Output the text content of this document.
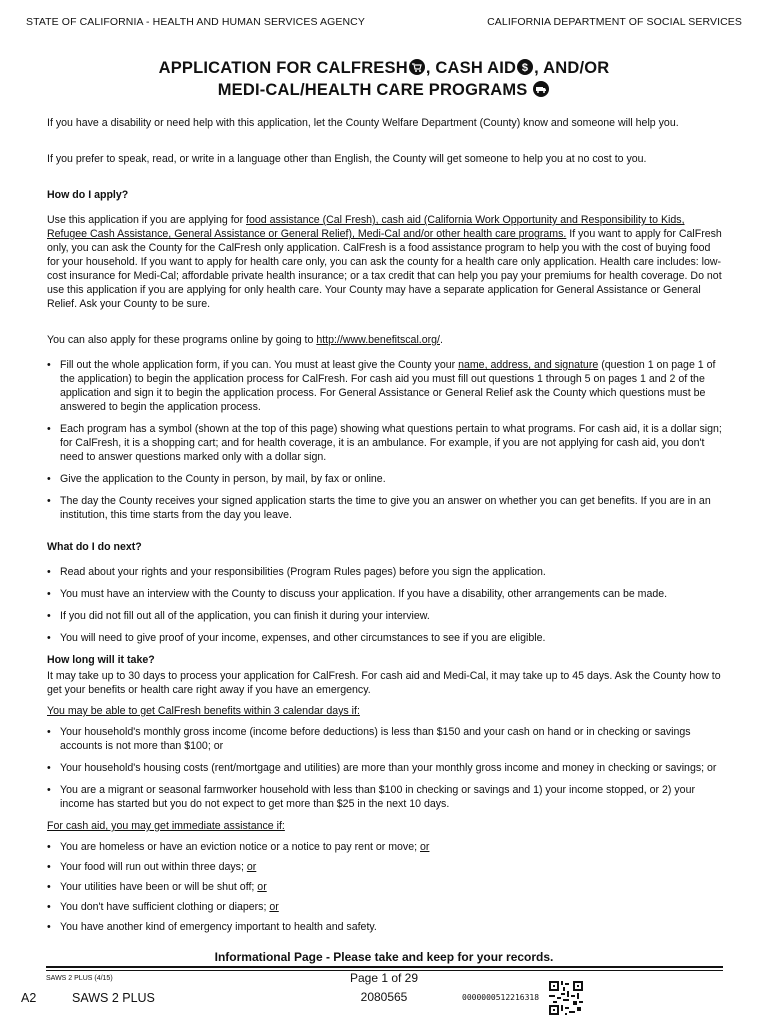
STATE OF CALIFORNIA - HEALTH AND HUMAN SERVICES AGENCY	CALIFORNIA DEPARTMENT OF SOCIAL SERVICES
APPLICATION FOR CALFRESH , CASH AID $ , AND/OR
MEDI-CAL/HEALTH CARE PROGRAMS

If you have a disability or need help with this application, let the County Welfare Department (County) know and someone will help you.

If you prefer to speak, read, or write in a language other than English, the County will get someone to help you at no cost to you.

How do I apply?

Use this application if you are applying for food assistance (Cal Fresh), cash aid (California Work Opportunity and Responsibility to Kids, Refugee Cash Assistance, General Assistance or General Relief), Medi-Cal and/or other health care programs. If you want to apply for CalFresh only, you can ask the County for the CalFresh only application. CalFresh is a food assistance program to help you with the cost of buying food for your household. If you want to apply for health care only, you can ask the county for a health care only application. Health care includes: low-cost insurance for Medi-Cal; affordable private health insurance; or a tax credit that can help you pay your premiums for health coverage. Do not use this application if you are applying for only health care. Your County may have a separate application for General Assistance or General Relief. Ask your County to be sure.

You can also apply for these programs online by going to http://www.benefitscal.org/.

• Fill out the whole application form, if you can. You must at least give the County your name, address, and signature (question 1 on page 1 of the application) to begin the application process for CalFresh. For cash aid you must fill out questions 1 through 5 on pages 1 and 2 of the application and sign it to begin the application process. For General Assistance or General Relief ask the County which questions must be answered to begin the application process.
• Each program has a symbol (shown at the top of this page) showing what questions pertain to what programs. For cash aid, it is a dollar sign; for CalFresh, it is a shopping cart; and for health coverage, it is an ambulance. For example, if you are not applying for cash aid, you don't need to answer questions marked only with a dollar sign.
• Give the application to the County in person, by mail, by fax or online.
• The day the County receives your signed application starts the time to give you an answer on whether you can get benefits. If you are in an institution, this time starts from the day you leave.

What do I do next?

• Read about your rights and your responsibilities (Program Rules pages) before you sign the application.
• You must have an interview with the County to discuss your application. If you have a disability, other arrangements can be made.
• If you did not fill out all of the application, you can finish it during your interview.
• You will need to give proof of your income, expenses, and other circumstances to see if you are eligible.

How long will it take?

It may take up to 30 days to process your application for CalFresh. For cash aid and Medi-Cal, it may take up to 45 days. Ask the County how to get your benefits or health care right away if you have an emergency.

You may be able to get CalFresh benefits within 3 calendar days if:

• Your household's monthly gross income (income before deductions) is less than $150 and your cash on hand or in checking or savings accounts is not more than $100; or
• Your household's housing costs (rent/mortgage and utilities) are more than your monthly gross income and money in checking or savings; or
• You are a migrant or seasonal farmworker household with less than $100 in checking or savings and 1) your income stopped, or 2) your income has started but you do not expect to get more than $25 in the next 10 days.

For cash aid, you may get immediate assistance if:

• You are homeless or have an eviction notice or a notice to pay rent or move; or
• Your food will run out within three days; or
• Your utilities have been or will be shut off; or
• You don't have sufficient clothing or diapers; or
• You have another kind of emergency important to health and safety.
Informational Page - Please take and keep for your records.
SAWS 2 PLUS (4/15)	Page 1 of 29
2080565
A2	SAWS 2 PLUS	0000000512216318
